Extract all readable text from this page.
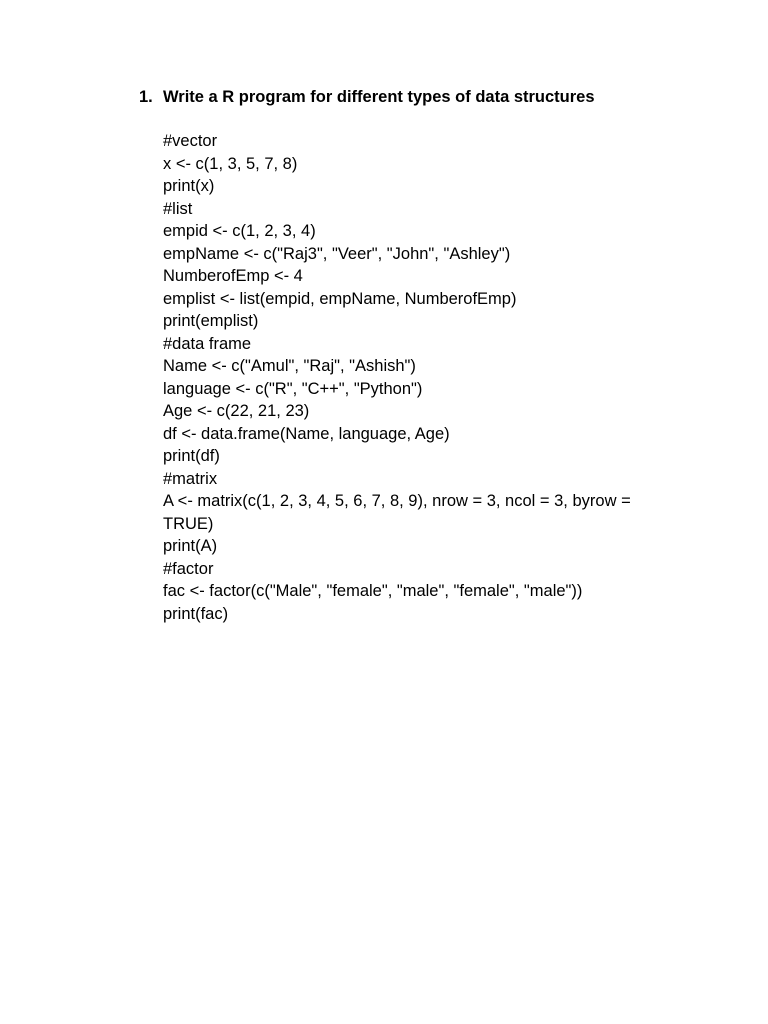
1. Write a R program for different types of data structures
#vector
x <- c(1, 3, 5, 7, 8)
print(x)
#list
empid <- c(1, 2, 3, 4)
empName <- c("Raj3", "Veer", "John", "Ashley")
NumberofEmp <- 4
emplist <- list(empid, empName, NumberofEmp)
print(emplist)
#data frame
Name <- c("Amul", "Raj", "Ashish")
language <- c("R", "C++", "Python")
Age <- c(22, 21, 23)
df <- data.frame(Name, language, Age)
print(df)
#matrix
A <- matrix(c(1, 2, 3, 4, 5, 6, 7, 8, 9), nrow = 3, ncol = 3, byrow = TRUE)
print(A)
#factor
fac <- factor(c("Male", "female", "male", "female", "male"))
print(fac)
